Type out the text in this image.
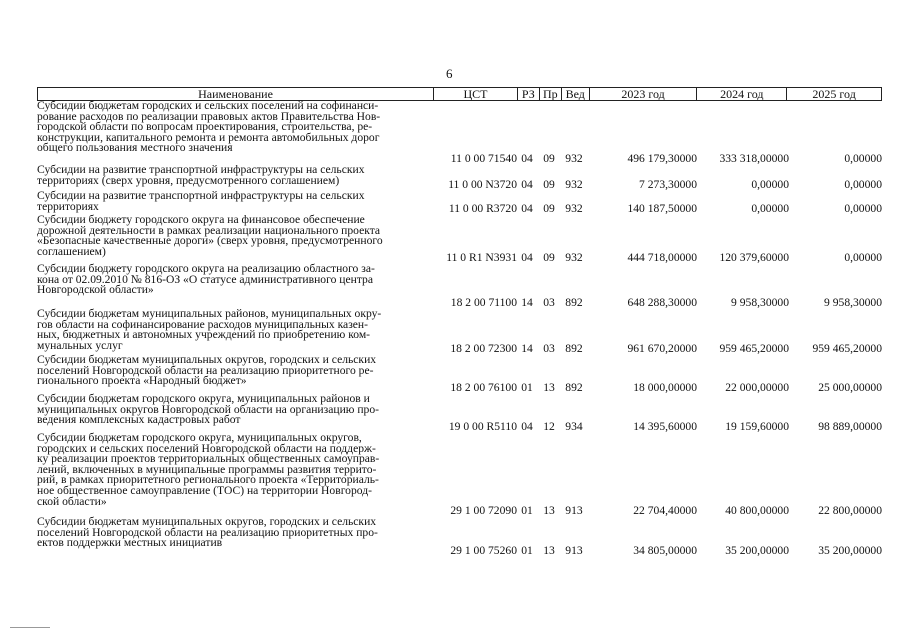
6
Наименование	ЦСТ	РЗ Пр Вед	2023 год	2024 год	2025 год
Субсидии бюджетам городских и сельских поселений на софинанси-
рование расходов по реализации правовых актов Правительства Нов-
городской области по вопросам проектирования, строительства, ре-
конструкции, капитального ремонта и ремонта автомобильных дорог
общего пользования местного значения
11 0 00 71540 04 09 932	496 179,30000	333 318,00000	0,00000
Субсидии на развитие транспортной инфраструктуры на сельских
территориях (сверх уровня, предусмотренного соглашением)	11 0 00 N3720 04 09 932	7 273,30000	0,00000	0,00000
Субсидии на развитие транспортной инфраструктуры на сельских
территориях	11 0 00 R3720 04 09 932	140 187,50000	0,00000	0,00000
Субсидии бюджету городского округа на финансовое обеспечение
дорожной деятельности в рамках реализации национального проекта
«Безопасные качественные дороги» (сверх уровня, предусмотренного
соглашением)	11 0 R1 N3931 04 09 932	444 718,00000	120 379,60000	0,00000
Субсидии бюджету городского округа на реализацию областного за-
кона от 02.09.2010 № 816-ОЗ «О статусе административного центра
Новгородской области»
18 2 00 71100 14 03 892	648 288,30000	9 958,30000	9 958,30000
Субсидии бюджетам муниципальных районов, муниципальных окру-
гов области на софинансирование расходов муниципальных казен-
ных, бюджетных и автономных учреждений по приобретению ком-
мунальных услуг	18 2 00 72300 14 03 892	961 670,20000	959 465,20000	959 465,20000
Субсидии бюджетам муниципальных округов, городских и сельских
поселений Новгородской области на реализацию приоритетного ре-
гионального проекта «Народный бюджет»
18 2 00 76100 01 13 892	18 000,00000	22 000,00000	25 000,00000
Субсидии бюджетам городского округа, муниципальных районов и
муниципальных округов Новгородской области на организацию про-
ведения комплексных кадастровых работ
19 0 00 R5110 04 12 934	14 395,60000	19 159,60000	98 889,00000
Субсидии бюджетам городского округа, муниципальных округов,
городских и сельских поселений Новгородской области на поддерж-
ку реализации проектов территориальных общественных самоуправ-
лений, включенных в муниципальные программы развития террито-
рий, в рамках приоритетного регионального проекта «Территориаль-
ное общественное самоуправление (ТОС) на территории Новгород-
ской области»
29 1 00 72090 01 13 913	22 704,40000	40 800,00000	22 800,00000
Субсидии бюджетам муниципальных округов, городских и сельских
поселений Новгородской области на реализацию приоритетных про-
ектов поддержки местных инициатив
29 1 00 75260 01 13 913	34 805,00000	35 200,00000	35 200,00000
